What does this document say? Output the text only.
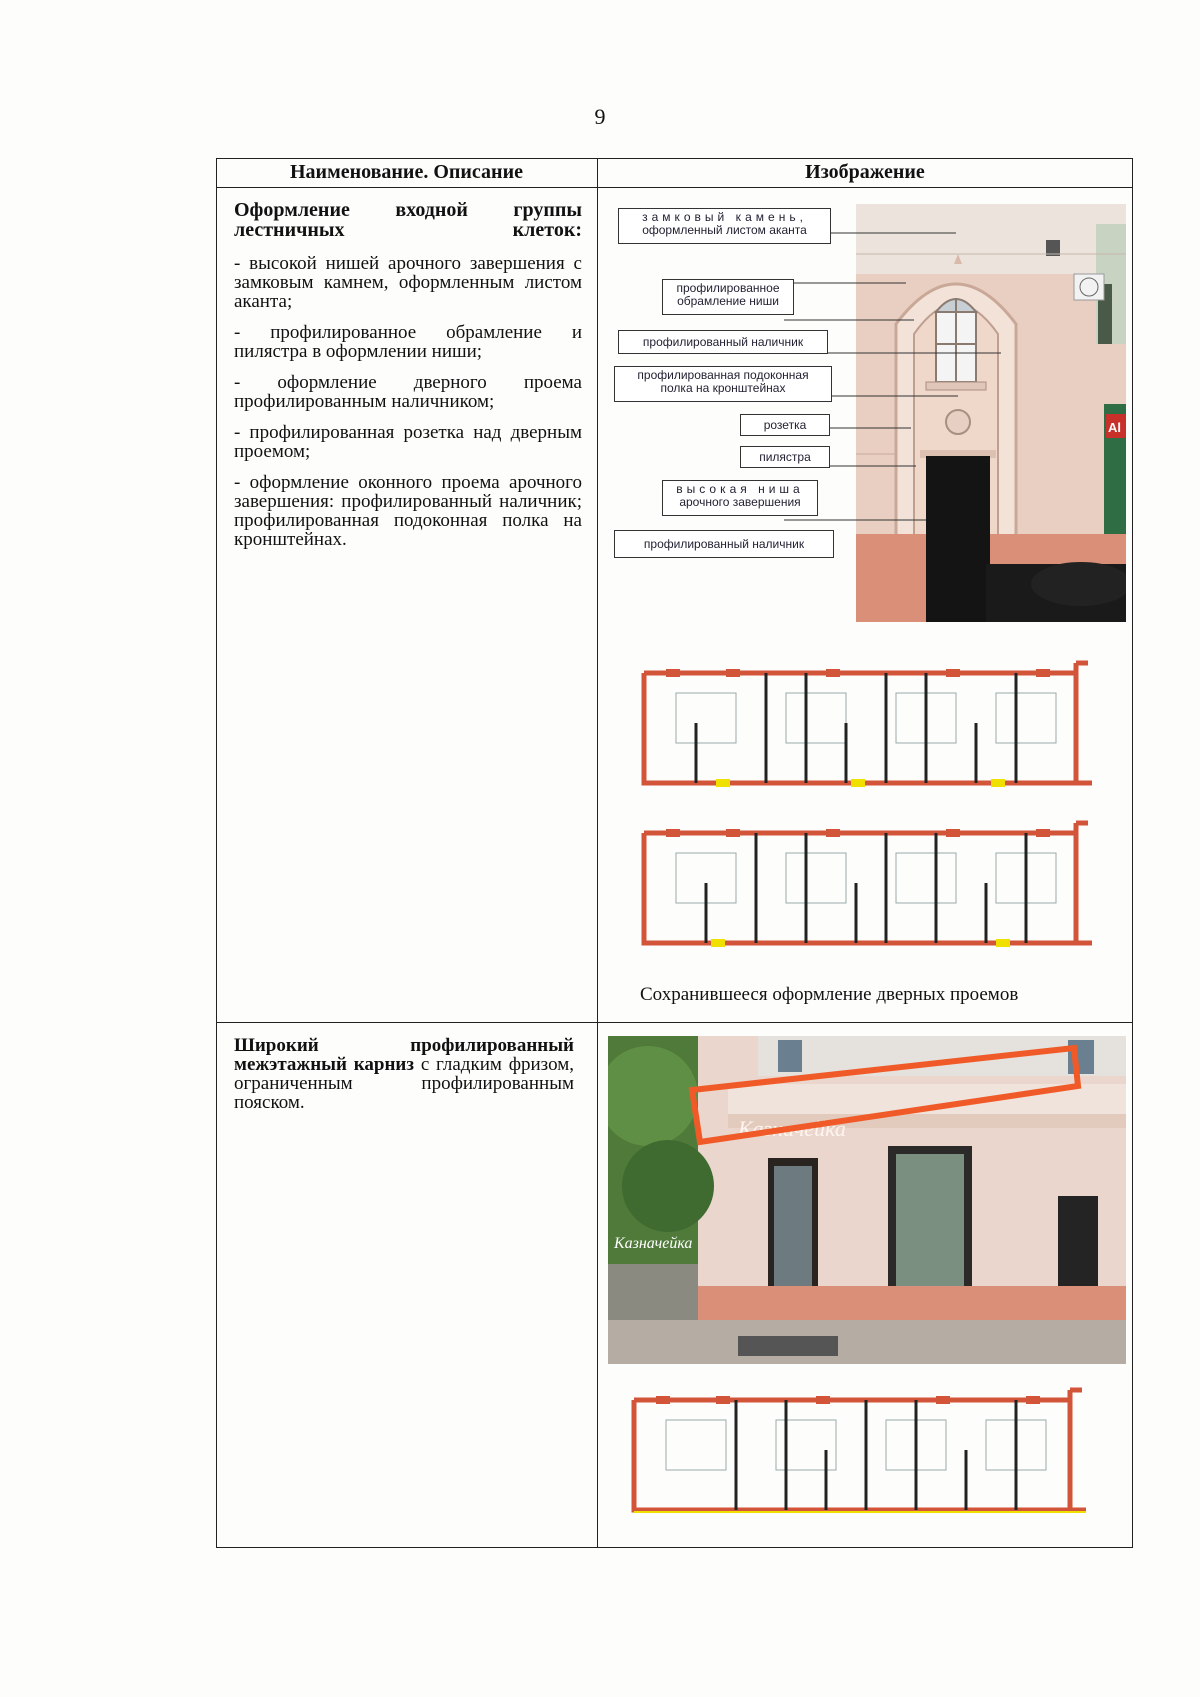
9
Наименование. Описание	Изображение

Оформление входной группы лестничных клеток:

- высокой нишей арочного завершения с замковым камнем, оформленным листом аканта;

- профилированное обрамление и пилястра в оформлении ниши;

- оформление дверного проема профилированным наличником;

- профилированная розетка над дверным проемом;

- оформление оконного проема арочного завершения: профилированный наличник; профилированная подоконная полка на кронштейнах.

Аl
замковый камень,
оформленный листом аканта
профилированное
обрамление ниши
профилированный наличник
профилированная подоконная
полка на кронштейнах
розетка
пилястра
высокая ниша
арочного завершения
профилированный наличник
Сохранившееся оформление дверных проемов

Широкий профилированный межэтажный карниз с гладким фризом, ограниченным профилированным пояском.

Казначейка
Казначейка
